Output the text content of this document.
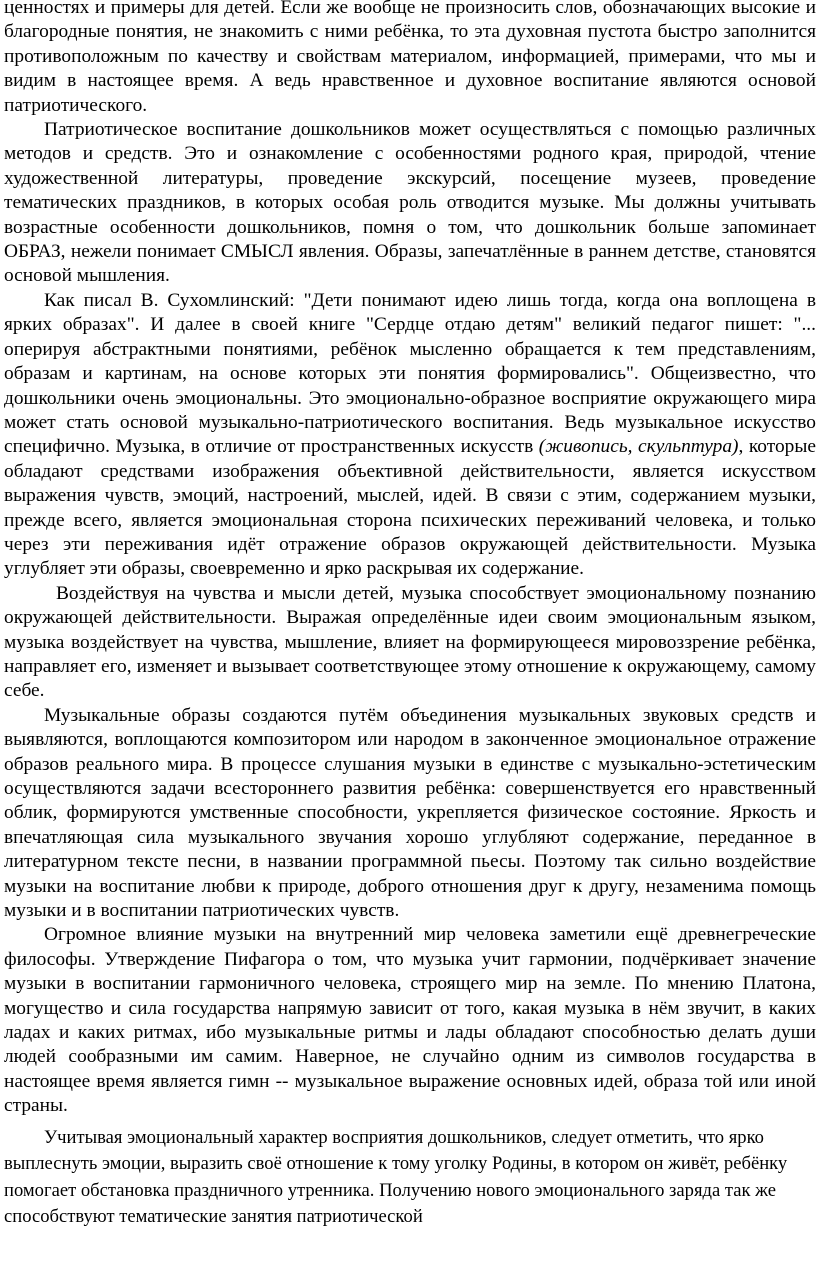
ценностях и примеры для детей. Если же вообще не произносить слов, обозначающих высокие и благородные понятия, не знакомить с ними ребёнка, то эта духовная пустота быстро заполнится противоположным по качеству и свойствам материалом, информацией, примерами, что мы и видим в настоящее время. А ведь нравственное и духовное воспитание являются основой патриотического.

Патриотическое воспитание дошкольников может осуществляться с помощью различных методов и средств. Это и ознакомление с особенностями родного края, природой, чтение художественной литературы, проведение экскурсий, посещение музеев, проведение тематических праздников, в которых особая роль отводится музыке. Мы должны учитывать возрастные особенности дошкольников, помня о том, что дошкольник больше запоминает ОБРАЗ, нежели понимает СМЫСЛ явления. Образы, запечатлённые в раннем детстве, становятся основой мышления.

Как писал В. Сухомлинский: "Дети понимают идею лишь тогда, когда она воплощена в ярких образах". И далее в своей книге "Сердце отдаю детям" великий педагог пишет: "... оперируя абстрактными понятиями, ребёнок мысленно обращается к тем представлениям, образам и картинам, на основе которых эти понятия формировались". Общеизвестно, что дошкольники очень эмоциональны. Это эмоционально-образное восприятие окружающего мира может стать основой музыкально-патриотического воспитания. Ведь музыкальное искусство специфично. Музыка, в отличие от пространственных искусств (живопись, скульптура), которые обладают средствами изображения объективной действительности, является искусством выражения чувств, эмоций, настроений, мыслей, идей. В связи с этим, содержанием музыки, прежде всего, является эмоциональная сторона психических переживаний человека, и только через эти переживания идёт отражение образов окружающей действительности. Музыка углубляет эти образы, своевременно и ярко раскрывая их содержание.

Воздействуя на чувства и мысли детей, музыка способствует эмоциональному познанию окружающей действительности. Выражая определённые идеи своим эмоциональным языком, музыка воздействует на чувства, мышление, влияет на формирующееся мировоззрение ребёнка, направляет его, изменяет и вызывает соответствующее этому отношение к окружающему, самому себе.

Музыкальные образы создаются путём объединения музыкальных звуковых средств и выявляются, воплощаются композитором или народом в законченное эмоциональное отражение образов реального мира. В процессе слушания музыки в единстве с музыкально-эстетическим осуществляются задачи всестороннего развития ребёнка: совершенствуется его нравственный облик, формируются умственные способности, укрепляется физическое состояние. Яркость и впечатляющая сила музыкального звучания хорошо углубляют содержание, переданное в литературном тексте песни, в названии программной пьесы. Поэтому так сильно воздействие музыки на воспитание любви к природе, доброго отношения друг к другу, незаменима помощь музыки и в воспитании патриотических чувств.

Огромное влияние музыки на внутренний мир человека заметили ещё древнегреческие философы. Утверждение Пифагора о том, что музыка учит гармонии, подчёркивает значение музыки в воспитании гармоничного человека, строящего мир на земле. По мнению Платона, могущество и сила государства напрямую зависит от того, какая музыка в нём звучит, в каких ладах и каких ритмах, ибо музыкальные ритмы и лады обладают способностью делать души людей сообразными им самим. Наверное, не случайно одним из символов государства в настоящее время является гимн -- музыкальное выражение основных идей, образа той или иной страны.

Учитывая эмоциональный характер восприятия дошкольников, следует отметить, что ярко выплеснуть эмоции, выразить своё отношение к тому уголку Родины, в котором он живёт, ребёнку помогает обстановка праздничного утренника. Получению нового эмоционального заряда так же способствуют тематические занятия патриотической
